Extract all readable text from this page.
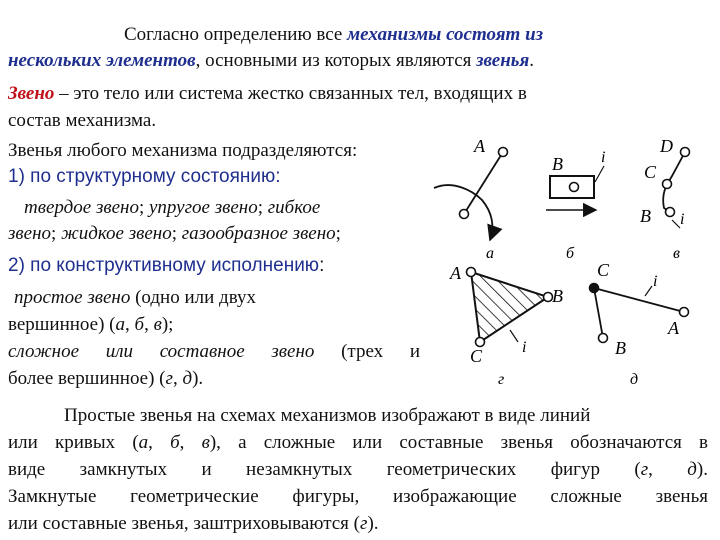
Согласно определению все механизмы состоят из

нескольких элементов, основными из которых являются звенья.

Звено – это тело или система жестко связанных тел, входящих в

состав механизма.

Звенья любого механизма подразделяются:

1) по структурному состоянию:

твердое звено; упругое звено; гибкое

звено; жидкое звено; газообразное звено;

2) по конструктивному исполнению:

простое звено (одно или двух

вершинное) (а, б, в);

сложное или составное звено (трех и

более вершинное) (г, д).

Простые звенья на схемах механизмов изображают в виде линий

или кривых (а, б, в), а сложные или составные звенья обозначаются в

виде замкнутых и незамкнутых геометрических фигур (г, д).

Замкнутые геометрические фигуры, изображающие сложные звенья

или составные звенья, заштриховываются (г).

A
а
B i
б
D
C
B i
в
A
B
C i
г
C
i
A
B
д
